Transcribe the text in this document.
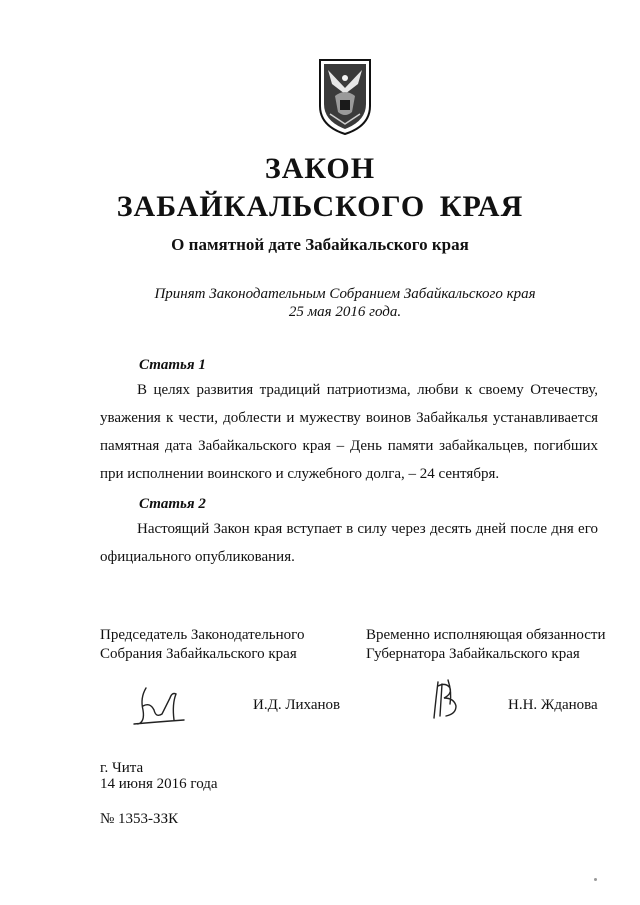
ЗАКОН
ЗАБАЙКАЛЬСКОГО КРАЯ
О памятной дате Забайкальского края
Принят Законодательным Собранием Забайкальского края
25 мая 2016 года.
Статья 1

В целях развития традиций патриотизма, любви к своему Отечеству,

уважения к чести, доблести и мужеству воинов Забайкалья устанавливается

памятная дата Забайкальского края – День памяти забайкальцев, погибших

при исполнении воинского и служебного долга, – 24 сентября.

Статья 2

Настоящий Закон края вступает в силу через десять дней после дня его

официального опубликования.

Председатель Законодательного
Собрания Забайкальского края
Временно исполняющая обязанности
Губернатора Забайкальского края
И.Д. Лиханов	Н.Н. Жданова
г. Чита
14 июня 2016 года
№ 1353-ЗЗК
